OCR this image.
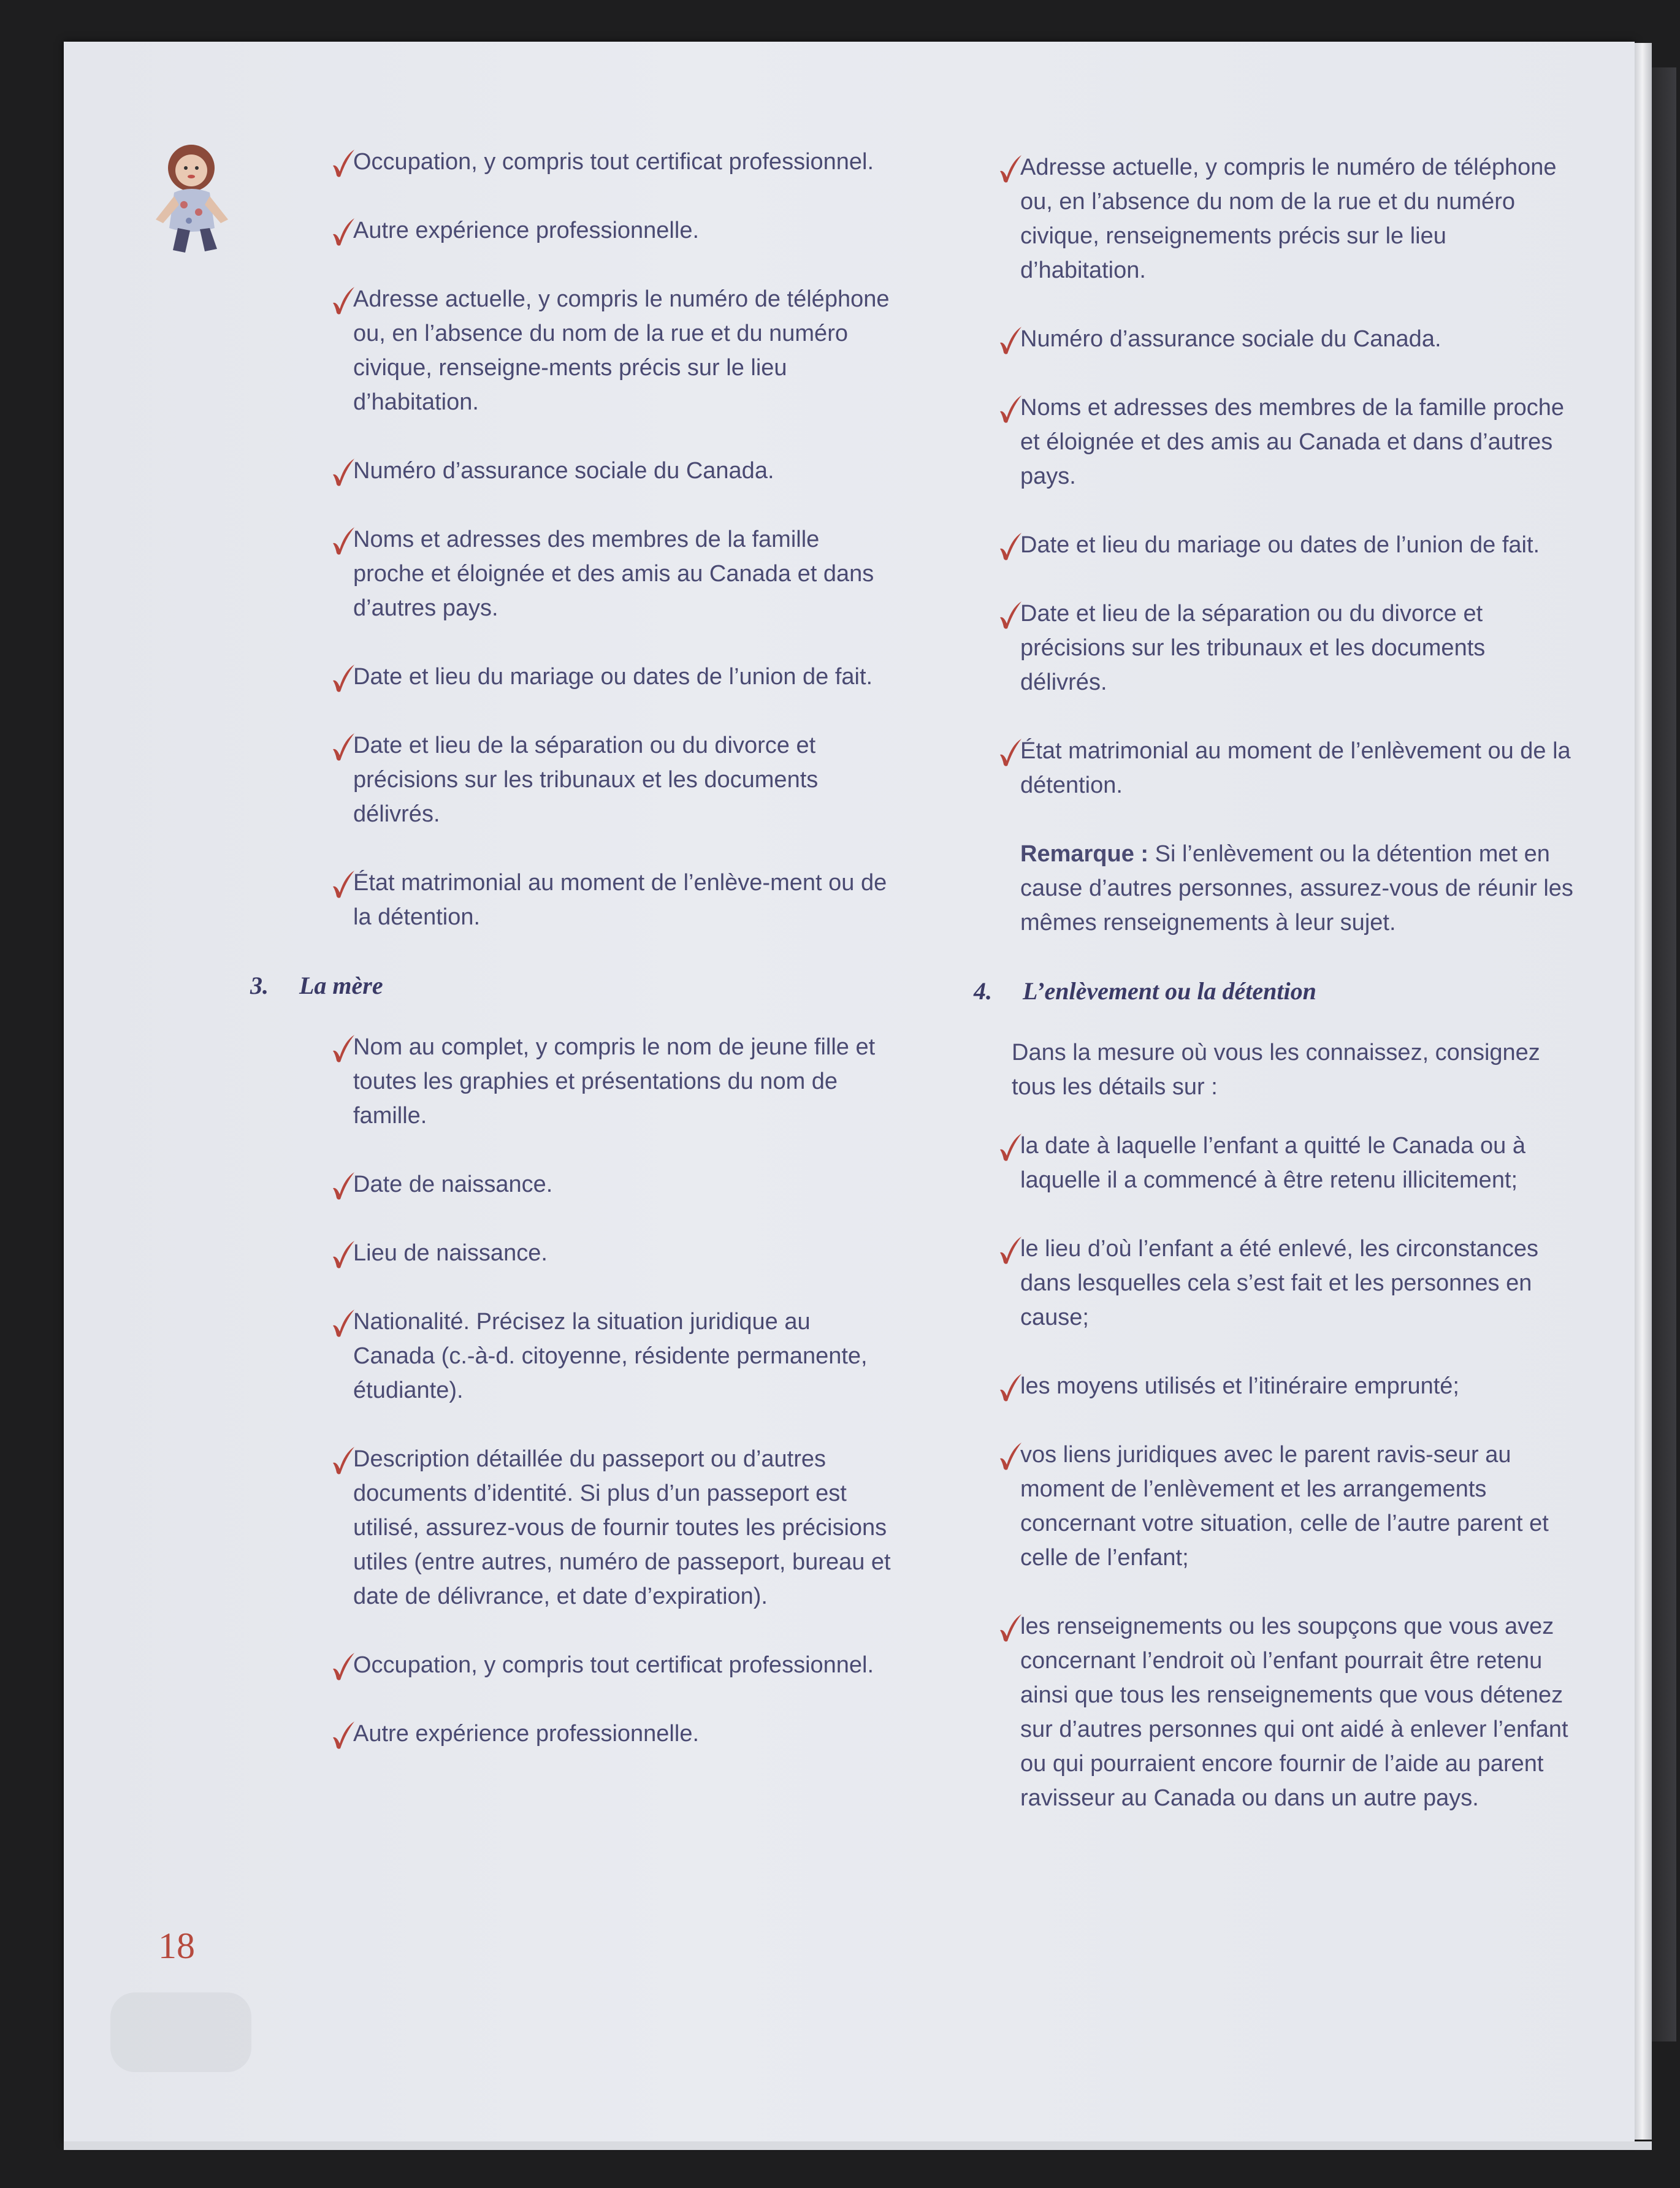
Occupation, y compris tout certificat professionnel.
Autre expérience professionnelle.
Adresse actuelle, y compris le numéro de téléphone ou, en l’absence du nom de la rue et du numéro civique, renseigne-ments précis sur le lieu d’habitation.
Numéro d’assurance sociale du Canada.
Noms et adresses des membres de la famille proche et éloignée et des amis au Canada et dans d’autres pays.
Date et lieu du mariage ou dates de l’union de fait.
Date et lieu de la séparation ou du divorce et précisions sur les tribunaux et les documents délivrés.
État matrimonial au moment de l’enlève-ment ou de la détention.
3. La mère
Nom au complet, y compris le nom de jeune fille et toutes les graphies et présentations du nom de famille.
Date de naissance.
Lieu de naissance.
Nationalité. Précisez la situation juridique au Canada (c.-à-d. citoyenne, résidente permanente, étudiante).
Description détaillée du passeport ou d’autres documents d’identité. Si plus d’un passeport est utilisé, assurez-vous de fournir toutes les précisions utiles (entre autres, numéro de passeport, bureau et date de délivrance, et date d’expiration).
Occupation, y compris tout certificat professionnel.
Autre expérience professionnelle.
Adresse actuelle, y compris le numéro de téléphone ou, en l’absence du nom de la rue et du numéro civique, renseignements précis sur le lieu d’habitation.
Numéro d’assurance sociale du Canada.
Noms et adresses des membres de la famille proche et éloignée et des amis au Canada et dans d’autres pays.
Date et lieu du mariage ou dates de l’union de fait.
Date et lieu de la séparation ou du divorce et précisions sur les tribunaux et les documents délivrés.
État matrimonial au moment de l’enlèvement ou de la détention.
Remarque : Si l’enlèvement ou la détention met en cause d’autres personnes, assurez-vous de réunir les mêmes renseignements à leur sujet.
4. L’enlèvement ou la détention
Dans la mesure où vous les connaissez, consignez tous les détails sur :
la date à laquelle l’enfant a quitté le Canada ou à laquelle il a commencé à être retenu illicitement;
le lieu d’où l’enfant a été enlevé, les circonstances dans lesquelles cela s’est fait et les personnes en cause;
les moyens utilisés et l’itinéraire emprunté;
vos liens juridiques avec le parent ravis-seur au moment de l’enlèvement et les arrangements concernant votre situation, celle de l’autre parent et celle de l’enfant;
les renseignements ou les soupçons que vous avez concernant l’endroit où l’enfant pourrait être retenu ainsi que tous les renseignements que vous détenez sur d’autres personnes qui ont aidé à enlever l’enfant ou qui pourraient encore fournir de l’aide au parent ravisseur au Canada ou dans un autre pays.
18
